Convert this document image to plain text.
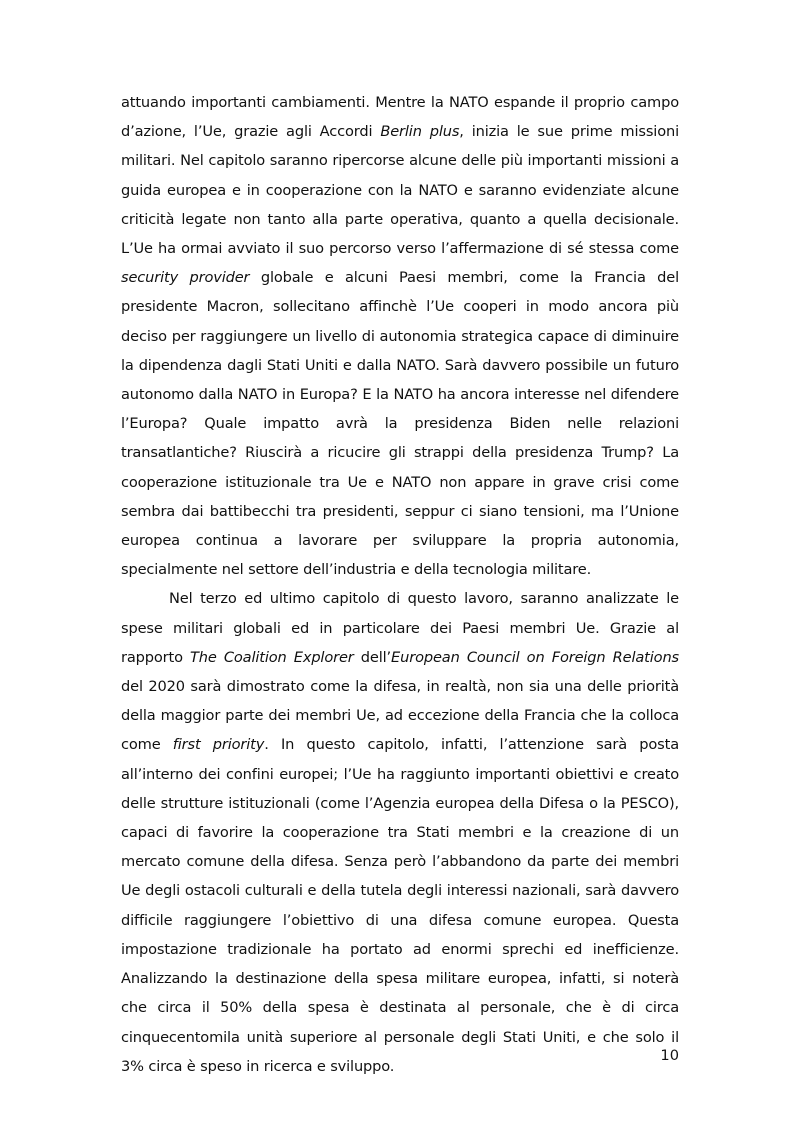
attuando importanti cambiamenti. Mentre la NATO espande il proprio campo d’azione, l’Ue, grazie agli Accordi Berlin plus, inizia le sue prime missioni militari. Nel capitolo saranno ripercorse alcune delle più importanti missioni a guida europea e in cooperazione con la NATO e saranno evidenziate alcune criticità legate non tanto alla parte operativa, quanto a quella decisionale. L’Ue ha ormai avviato il suo percorso verso l’affermazione di sé stessa come security provider globale e alcuni Paesi membri, come la Francia del presidente Macron, sollecitano affinchè l’Ue cooperi in modo ancora più deciso per raggiungere un livello di autonomia strategica capace di diminuire la dipendenza dagli Stati Uniti e dalla NATO. Sarà davvero possibile un futuro autonomo dalla NATO in Europa? E la NATO ha ancora interesse nel difendere l’Europa? Quale impatto avrà la presidenza Biden nelle relazioni transatlantiche? Riuscirà a ricucire gli strappi della presidenza Trump? La cooperazione istituzionale tra Ue e NATO non appare in grave crisi come sembra dai battibecchi tra presidenti, seppur ci siano tensioni, ma l’Unione europea continua a lavorare per sviluppare la propria autonomia, specialmente nel settore dell’industria e della tecnologia militare.

Nel terzo ed ultimo capitolo di questo lavoro, saranno analizzate le spese militari globali ed in particolare dei Paesi membri Ue. Grazie al rapporto The Coalition Explorer dell’European Council on Foreign Relations del 2020 sarà dimostrato come la difesa, in realtà, non sia una delle priorità della maggior parte dei membri Ue, ad eccezione della Francia che la colloca come first priority. In questo capitolo, infatti, l’attenzione sarà posta all’interno dei confini europei; l’Ue ha raggiunto importanti obiettivi e creato delle strutture istituzionali (come l’Agenzia europea della Difesa o la PESCO), capaci di favorire la cooperazione tra Stati membri e la creazione di un mercato comune della difesa. Senza però l’abbandono da parte dei membri Ue degli ostacoli culturali e della tutela degli interessi nazionali, sarà davvero difficile raggiungere l’obiettivo di una difesa comune europea. Questa impostazione tradizionale ha portato ad enormi sprechi ed inefficienze. Analizzando la destinazione della spesa militare europea, infatti, si noterà che circa il 50% della spesa è destinata al personale, che è di circa cinquecentomila unità superiore al personale degli Stati Uniti, e che solo il 3% circa è speso in ricerca e sviluppo.

10
